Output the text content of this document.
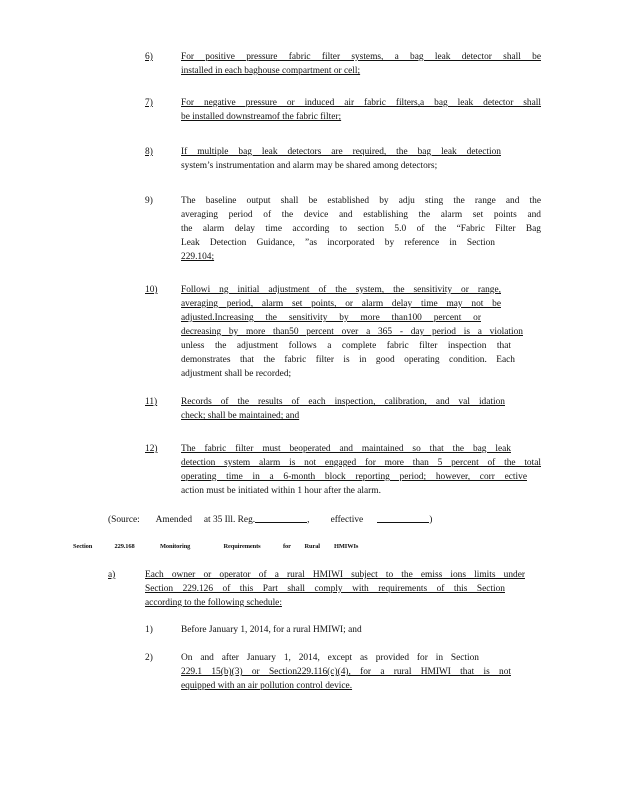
6)	For positive pressure fabric filter systems, a bag leak detector shall be
installed in each baghouse compartment or cell;
7)	For negative pressure or induced air fabric filters,a bag leak detector shall
be installed downstreamof the fabric filter;
8)	If multiple bag leak detectors are required, the bag leak detection
system’s instrumentation and alarm may be shared among detectors;
9)	The baseline output shall be established by adju sting the range and the
averaging period of the device and establishing the alarm set points and
the alarm delay time according to section 5.0 of the “Fabric Filter Bag
Leak Detection Guidance, ”as incorporated by reference in Section
229.104;
10)	Followi ng initial adjustment of the system, the sensitivity or range,
averaging period, alarm set points, or alarm delay time may not be
adjusted.Increasing the sensitivity by more than100 percent or
decreasing by more than50 percent over a 365 - day period is a violation
unless the adjustment follows a complete fabric filter inspection that
demonstrates that the fabric filter is in good operating condition. Each
adjustment shall be recorded;
11)	Records of the results of each inspection, calibration, and val idation
check; shall be maintained; and
12)	The fabric filter must beoperated and maintained so that the bag leak
detection system alarm is not engaged for more than 5 percent of the total
operating time in a 6-month block reporting period; however, corr ective
action must be initiated within 1 hour after the alarm.
(Source: Amended at 35 Ill. Reg.	, effective	)
Section	229.168	Monitoring	Requirements	for Rural HMIWIs
a)	Each owner or operator of a rural HMIWI subject to the emiss ions limits under
Section 229.126 of this Part shall comply with requirements of this Section
according to the following schedule:
1)	Before January 1, 2014, for a rural HMIWI; and
2)	On and after January 1, 2014, except as provided for in Section
229.1 15(b)(3) or Section229.116(c)(4), for a rural HMIWI that is not
equipped with an air pollution control device.
